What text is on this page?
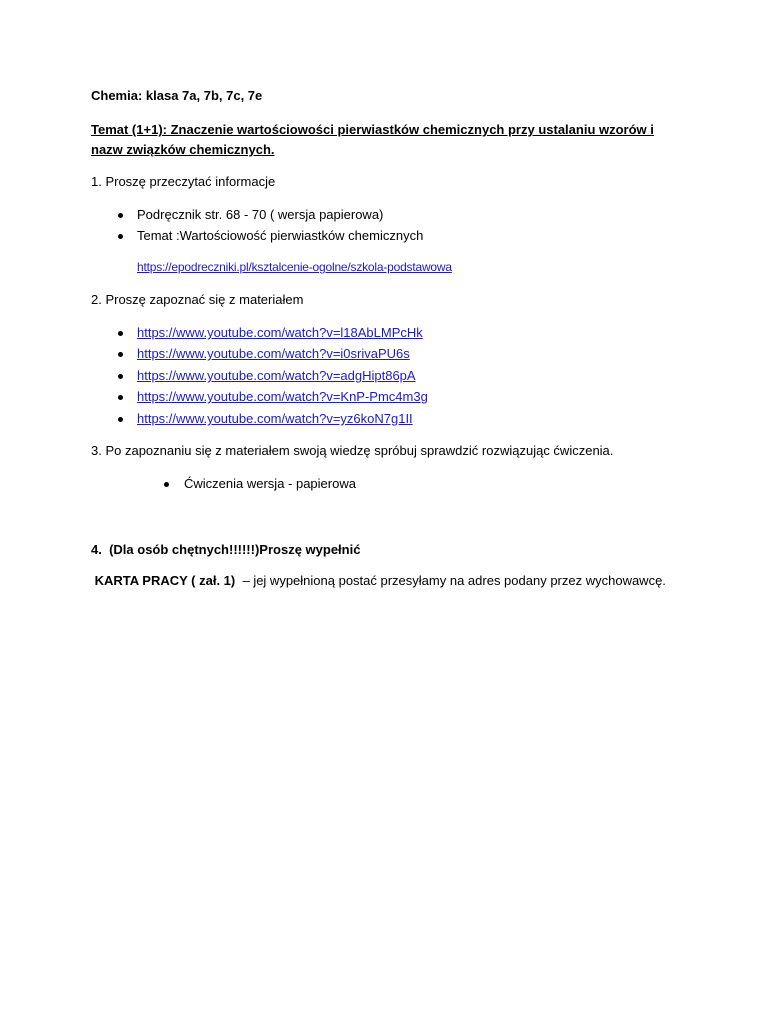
Chemia: klasa 7a, 7b, 7c, 7e
Temat (1+1): Znaczenie wartościowości pierwiastków chemicznych przy ustalaniu wzorów i
nazw związków chemicznych.
1. Proszę przeczytać informacje
Podręcznik str. 68 - 70 ( wersja papierowa)
Temat :Wartościowość pierwiastków chemicznych
https://epodreczniki.pl/ksztalcenie-ogolne/szkola-podstawowa
2. Proszę zapoznać się z materiałem
https://www.youtube.com/watch?v=l18AbLMPcHk
https://www.youtube.com/watch?v=i0srivaPU6s
https://www.youtube.com/watch?v=adgHipt86pA
https://www.youtube.com/watch?v=KnP-Pmc4m3g
https://www.youtube.com/watch?v=yz6koN7g1II
3. Po zapoznaniu się z materiałem swoją wiedzę spróbuj sprawdzić rozwiązując ćwiczenia.
Ćwiczenia wersja - papierowa
4. (Dla osób chętnych!!!!!!)Proszę wypełnić
KARTA PRACY ( zał. 1)  – jej wypełnioną postać przesyłamy na adres podany przez wychowawcę.
